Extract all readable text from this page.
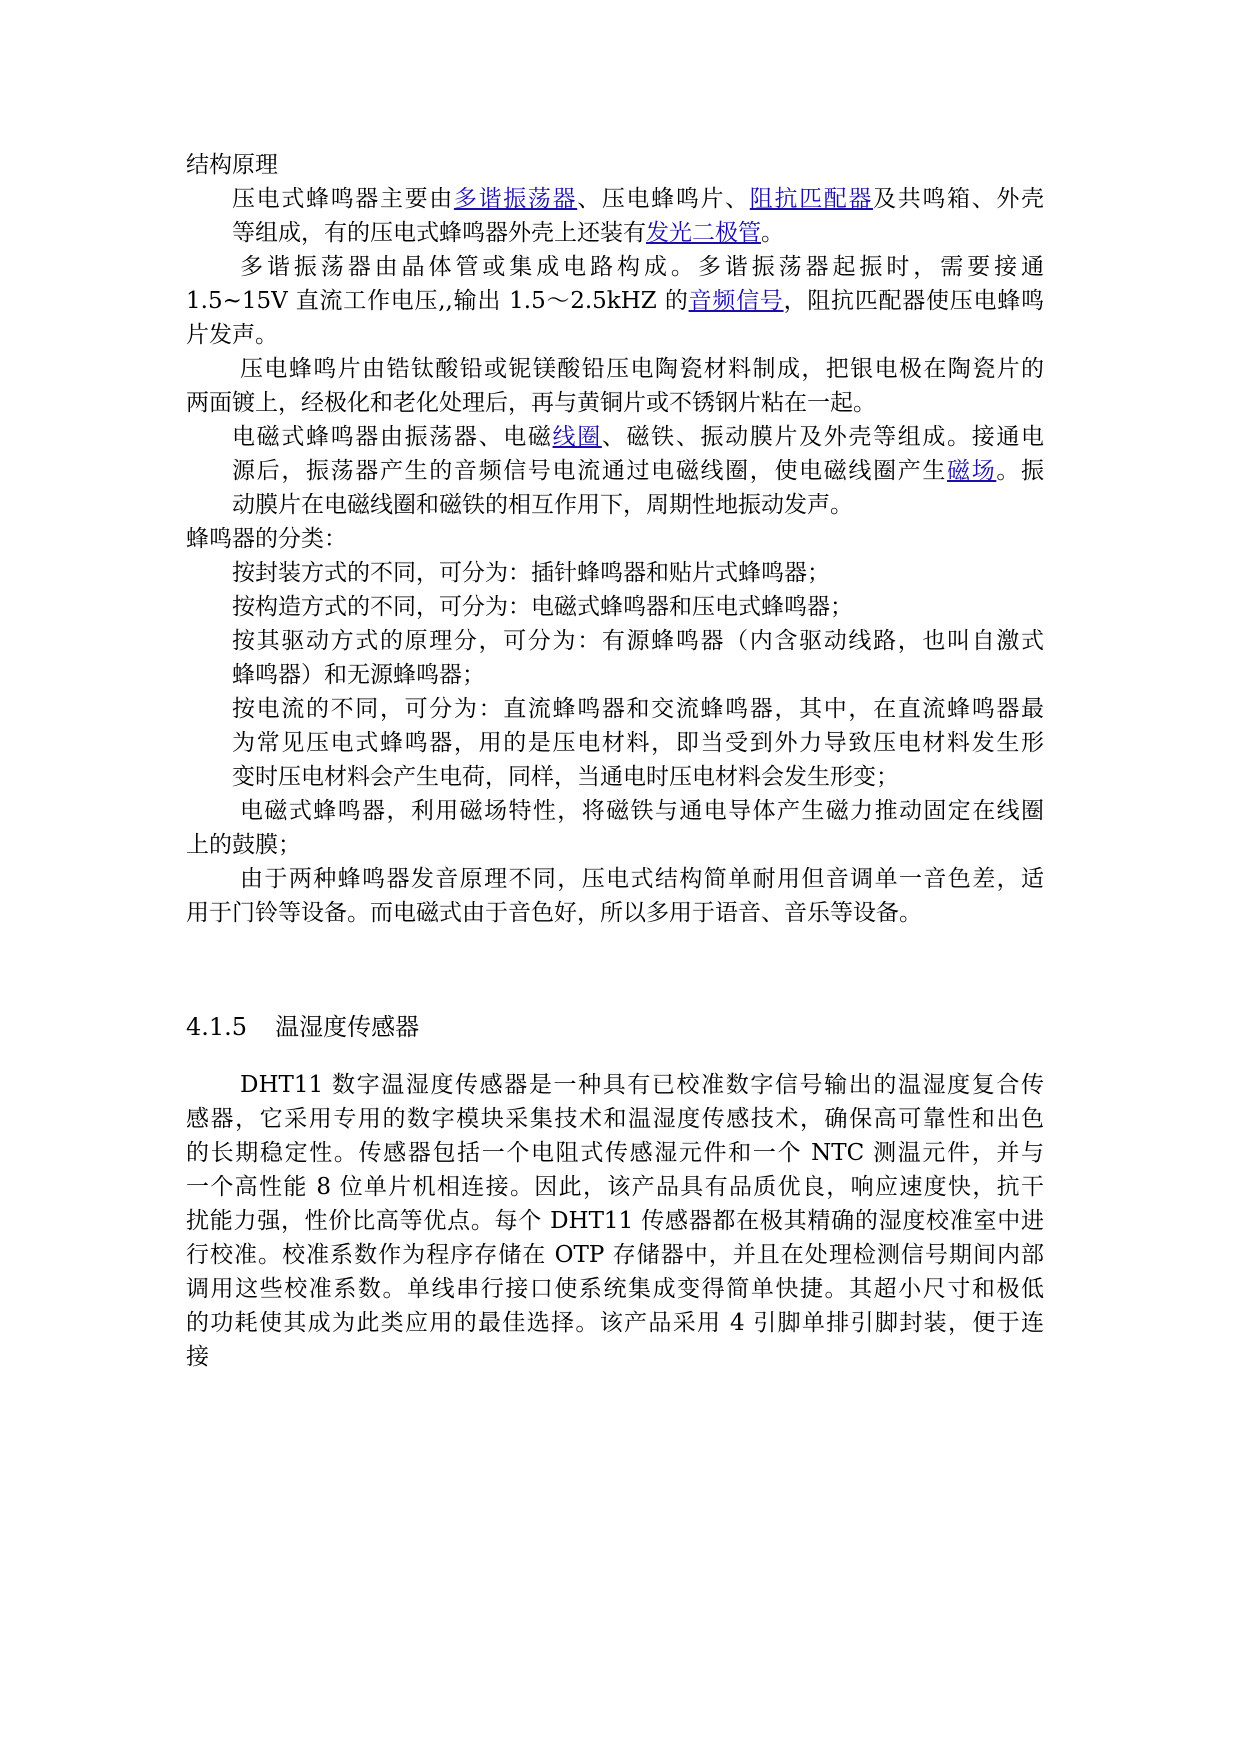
结构原理
压电式蜂鸣器主要由多谐振荡器、压电蜂鸣片、阻抗匹配器及共鸣箱、外壳
等组成，有的压电式蜂鸣器外壳上还装有发光二极管。
多谐振荡器由晶体管或集成电路构成。多谐振荡器起振时，需要接通
1.5~15V 直流工作电压,,输出 1.5～2.5kHZ 的音频信号，阻抗匹配器使压电蜂鸣
片发声。
压电蜂鸣片由锆钛酸铅或铌镁酸铅压电陶瓷材料制成，把银电极在陶瓷片的
两面镀上，经极化和老化处理后，再与黄铜片或不锈钢片粘在一起。
电磁式蜂鸣器由振荡器、电磁线圈、磁铁、振动膜片及外壳等组成。接通电
源后，振荡器产生的音频信号电流通过电磁线圈，使电磁线圈产生磁场。振
动膜片在电磁线圈和磁铁的相互作用下，周期性地振动发声。
蜂鸣器的分类：
按封装方式的不同，可分为：插针蜂鸣器和贴片式蜂鸣器；
按构造方式的不同，可分为：电磁式蜂鸣器和压电式蜂鸣器；
按其驱动方式的原理分，可分为：有源蜂鸣器（内含驱动线路，也叫自激式
蜂鸣器）和无源蜂鸣器；
按电流的不同，可分为：直流蜂鸣器和交流蜂鸣器，其中，在直流蜂鸣器最
为常见压电式蜂鸣器，用的是压电材料，即当受到外力导致压电材料发生形
变时压电材料会产生电荷，同样，当通电时压电材料会发生形变；
电磁式蜂鸣器，利用磁场特性，将磁铁与通电导体产生磁力推动固定在线圈
上的鼓膜；
由于两种蜂鸣器发音原理不同，压电式结构简单耐用但音调单一音色差，适
用于门铃等设备。而电磁式由于音色好，所以多用于语音、音乐等设备。
4.1.5 温湿度传感器
DHT11 数字温湿度传感器是一种具有已校准数字信号输出的温湿度复合传
感器，它采用专用的数字模块采集技术和温湿度传感技术，确保高可靠性和出色
的长期稳定性。传感器包括一个电阻式传感湿元件和一个 NTC 测温元件，并与
一个高性能 8 位单片机相连接。因此，该产品具有品质优良，响应速度快，抗干
扰能力强，性价比高等优点。每个 DHT11 传感器都在极其精确的湿度校准室中进
行校准。校准系数作为程序存储在 OTP 存储器中，并且在处理检测信号期间内部
调用这些校准系数。单线串行接口使系统集成变得简单快捷。其超小尺寸和极低
的功耗使其成为此类应用的最佳选择。该产品采用 4 引脚单排引脚封装，便于连
接
